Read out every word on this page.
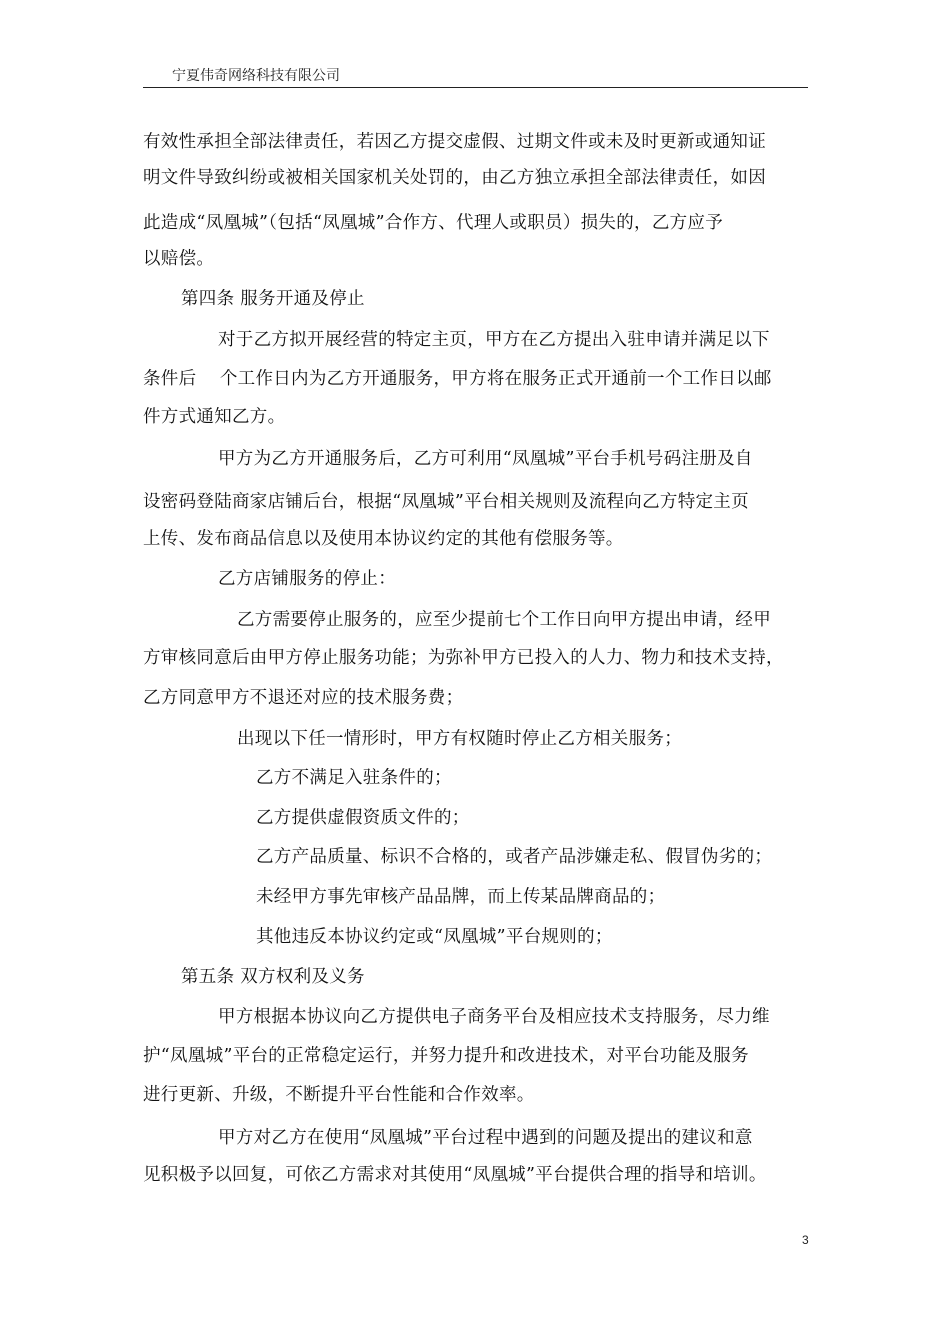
宁夏伟奇网络科技有限公司

有效性承担全部法律责任，若因乙方提交虚假、过期文件或未及时更新或通知证

明文件导致纠纷或被相关国家机关处罚的，由乙方独立承担全部法律责任，如因

此造成“凤凰城”（包括“凤凰城”合作方、代理人或职员）损失的，乙方应予

以赔偿。

第四条 服务开通及停止

对于乙方拟开展经营的特定主页，甲方在乙方提出入驻申请并满足以下

条件后    个工作日内为乙方开通服务，甲方将在服务正式开通前一个工作日以邮

件方式通知乙方。

甲方为乙方开通服务后，乙方可利用“凤凰城”平台手机号码注册及自

设密码登陆商家店铺后台，根据“凤凰城”平台相关规则及流程向乙方特定主页

上传、发布商品信息以及使用本协议约定的其他有偿服务等。

乙方店铺服务的停止：

乙方需要停止服务的，应至少提前七个工作日向甲方提出申请，经甲

方审核同意后由甲方停止服务功能；为弥补甲方已投入的人力、物力和技术支持，

乙方同意甲方不退还对应的技术服务费；

出现以下任一情形时，甲方有权随时停止乙方相关服务；

乙方不满足入驻条件的；

乙方提供虚假资质文件的；

乙方产品质量、标识不合格的，或者产品涉嫌走私、假冒伪劣的；

未经甲方事先审核产品品牌，而上传某品牌商品的；

其他违反本协议约定或“凤凰城”平台规则的；

第五条 双方权利及义务

甲方根据本协议向乙方提供电子商务平台及相应技术支持服务，尽力维

护“凤凰城”平台的正常稳定运行，并努力提升和改进技术，对平台功能及服务

进行更新、升级，不断提升平台性能和合作效率。

甲方对乙方在使用“凤凰城”平台过程中遇到的问题及提出的建议和意

见积极予以回复，可依乙方需求对其使用“凤凰城”平台提供合理的指导和培训。

3
